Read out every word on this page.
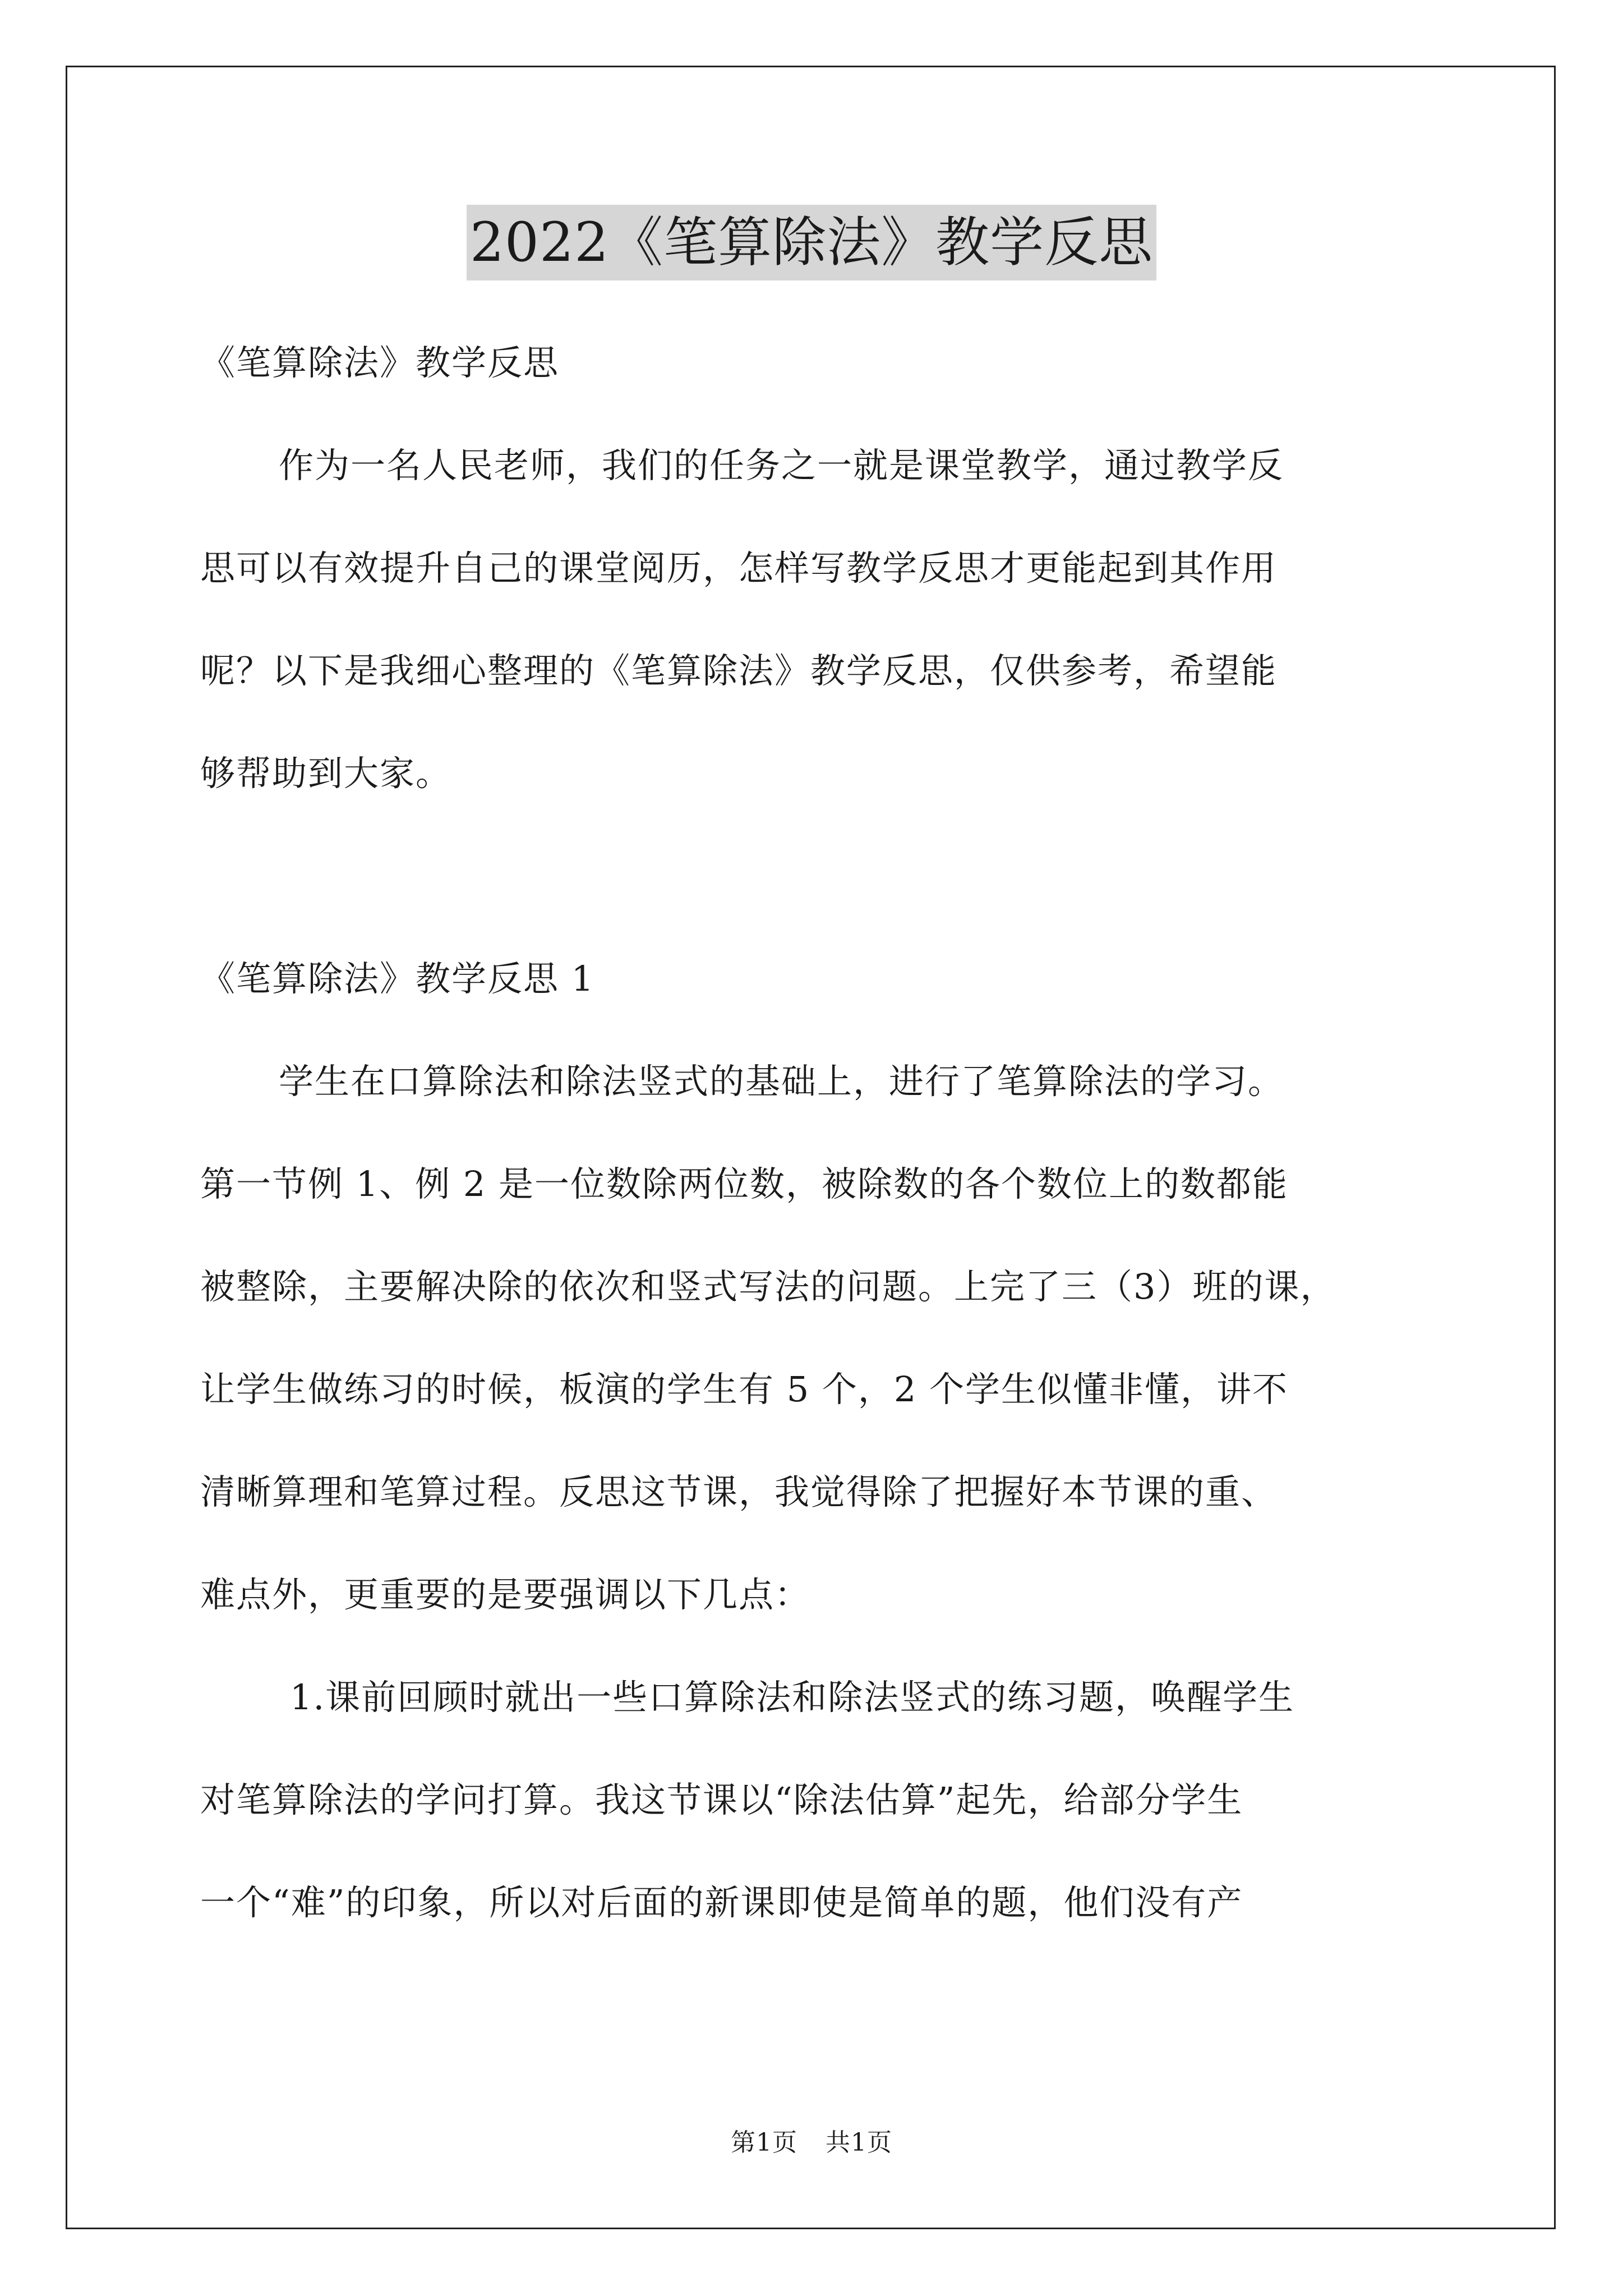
2022《笔算除法》教学反思
《笔算除法》教学反思
作为一名人民老师，我们的任务之一就是课堂教学，通过教学反
思可以有效提升自己的课堂阅历，怎样写教学反思才更能起到其作用
呢？以下是我细心整理的《笔算除法》教学反思，仅供参考，希望能
够帮助到大家。
《笔算除法》教学反思 1
学生在口算除法和除法竖式的基础上，进行了笔算除法的学习。
第一节例 1、例 2 是一位数除两位数，被除数的各个数位上的数都能
被整除，主要解决除的依次和竖式写法的问题。上完了三（3）班的课，
让学生做练习的时候，板演的学生有 5 个，2 个学生似懂非懂，讲不
清晰算理和笔算过程。反思这节课，我觉得除了把握好本节课的重、
难点外，更重要的是要强调以下几点：
1.课前回顾时就出一些口算除法和除法竖式的练习题，唤醒学生
对笔算除法的学问打算。我这节课以“除法估算”起先，给部分学生
一个“难”的印象，所以对后面的新课即使是简单的题，他们没有产
第1页 共1页
